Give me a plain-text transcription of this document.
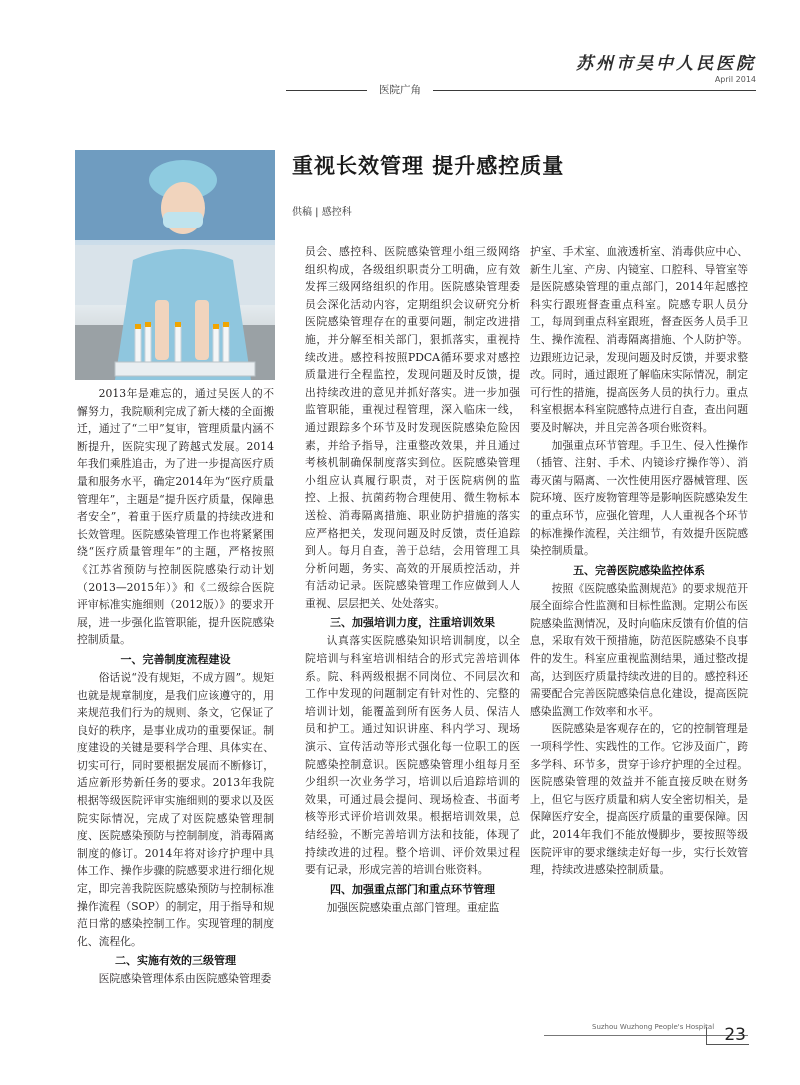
苏州市吴中人民医院
April 2014
医院广角
重视长效管理 提升感控质量
供稿 | 感控科

2013年是难忘的，通过吴医人的不懈努力，我院顺利完成了新大楼的全面搬迁，通过了“二甲”复审，管理质量内涵不断提升，医院实现了跨越式发展。2014年我们乘胜追击，为了进一步提高医疗质量和服务水平，确定2014年为“医疗质量管理年”，主题是“提升医疗质量，保障患者安全”，着重于医疗质量的持续改进和长效管理。医院感染管理工作也将紧紧围绕“医疗质量管理年”的主题，严格按照《江苏省预防与控制医院感染行动计划（2013—2015年）》和《二级综合医院评审标准实施细则（2012版）》的要求开展，进一步强化监管职能，提升医院感染控制质量。

一、完善制度流程建设

俗话说“没有规矩，不成方圆”。规矩也就是规章制度，是我们应该遵守的，用来规范我们行为的规则、条文，它保证了良好的秩序，是事业成功的重要保证。制度建设的关键是要科学合理、具体实在、切实可行，同时要根据发展而不断修订，适应新形势新任务的要求。2013年我院根据等级医院评审实施细则的要求以及医院实际情况，完成了对医院感染管理制度、医院感染预防与控制制度，消毒隔离制度的修订。2014年将对诊疗护理中具体工作、操作步骤的院感要求进行细化规定，即完善我院医院感染预防与控制标准操作流程（SOP）的制定，用于指导和规范日常的感染控制工作。实现管理的制度化、流程化。

二、实施有效的三级管理

医院感染管理体系由医院感染管理委

员会、感控科、医院感染管理小组三级网络组织构成，各级组织职责分工明确，应有效发挥三级网络组织的作用。医院感染管理委员会深化活动内容，定期组织会议研究分析医院感染管理存在的重要问题，制定改进措施，并分解至相关部门，狠抓落实，重视持续改进。感控科按照PDCA循环要求对感控质量进行全程监控，发现问题及时反馈，提出持续改进的意见并抓好落实。进一步加强监管职能，重视过程管理，深入临床一线，通过跟踪多个环节及时发现医院感染危险因素，并给予指导，注重整改效果，并且通过考核机制确保制度落实到位。医院感染管理小组应认真履行职责，对于医院病例的监控、上报、抗菌药物合理使用、微生物标本送检、消毒隔离措施、职业防护措施的落实应严格把关，发现问题及时反馈，责任追踪到人。每月自查，善于总结，会用管理工具分析问题，务实、高效的开展质控活动，并有活动记录。医院感染管理工作应做到人人重视、层层把关、处处落实。

三、加强培训力度，注重培训效果

认真落实医院感染知识培训制度，以全院培训与科室培训相结合的形式完善培训体系。院、科两级根据不同岗位、不同层次和工作中发现的问题制定有针对性的、完整的培训计划，能覆盖到所有医务人员、保洁人员和护工。通过知识讲座、科内学习、现场演示、宣传活动等形式强化每一位职工的医院感染控制意识。医院感染管理小组每月至少组织一次业务学习，培训以后追踪培训的效果，可通过晨会提问、现场检查、书面考核等形式评价培训效果。根据培训效果，总结经验，不断完善培训方法和技能，体现了持续改进的过程。整个培训、评价效果过程要有记录，形成完善的培训台账资料。

四、加强重点部门和重点环节管理

加强医院感染重点部门管理。重症监

护室、手术室、血液透析室、消毒供应中心、新生儿室、产房、内镜室、口腔科、导管室等是医院感染管理的重点部门，2014年起感控科实行跟班督查重点科室。院感专职人员分工，每周到重点科室跟班，督查医务人员手卫生、操作流程、消毒隔离措施、个人防护等。边跟班边记录，发现问题及时反馈，并要求整改。同时，通过跟班了解临床实际情况，制定可行性的措施，提高医务人员的执行力。重点科室根据本科室院感特点进行自查，查出问题要及时解决，并且完善各项台账资料。

加强重点环节管理。手卫生、侵入性操作（插管、注射、手术、内镜诊疗操作等）、消毒灭菌与隔离、一次性使用医疗器械管理、医院环境、医疗废物管理等是影响医院感染发生的重点环节，应强化管理，人人重视各个环节的标准操作流程，关注细节，有效提升医院感染控制质量。

五、完善医院感染监控体系

按照《医院感染监测规范》的要求规范开展全面综合性监测和目标性监测。定期公布医院感染监测情况，及时向临床反馈有价值的信息，采取有效干预措施，防范医院感染不良事件的发生。科室应重视监测结果，通过整改提高，达到医疗质量持续改进的目的。感控科还需要配合完善医院感染信息化建设，提高医院感染监测工作效率和水平。

医院感染是客观存在的，它的控制管理是一项科学性、实践性的工作。它涉及面广，跨多学科、环节多，贯穿于诊疗护理的全过程。医院感染管理的效益并不能直接反映在财务上，但它与医疗质量和病人安全密切相关，是保障医疗安全，提高医疗质量的重要保障。因此，2014年我们不能放慢脚步，要按照等级医院评审的要求继续走好每一步，实行长效管理，持续改进感染控制质量。

Suzhou Wuzhong People's Hospital 23
